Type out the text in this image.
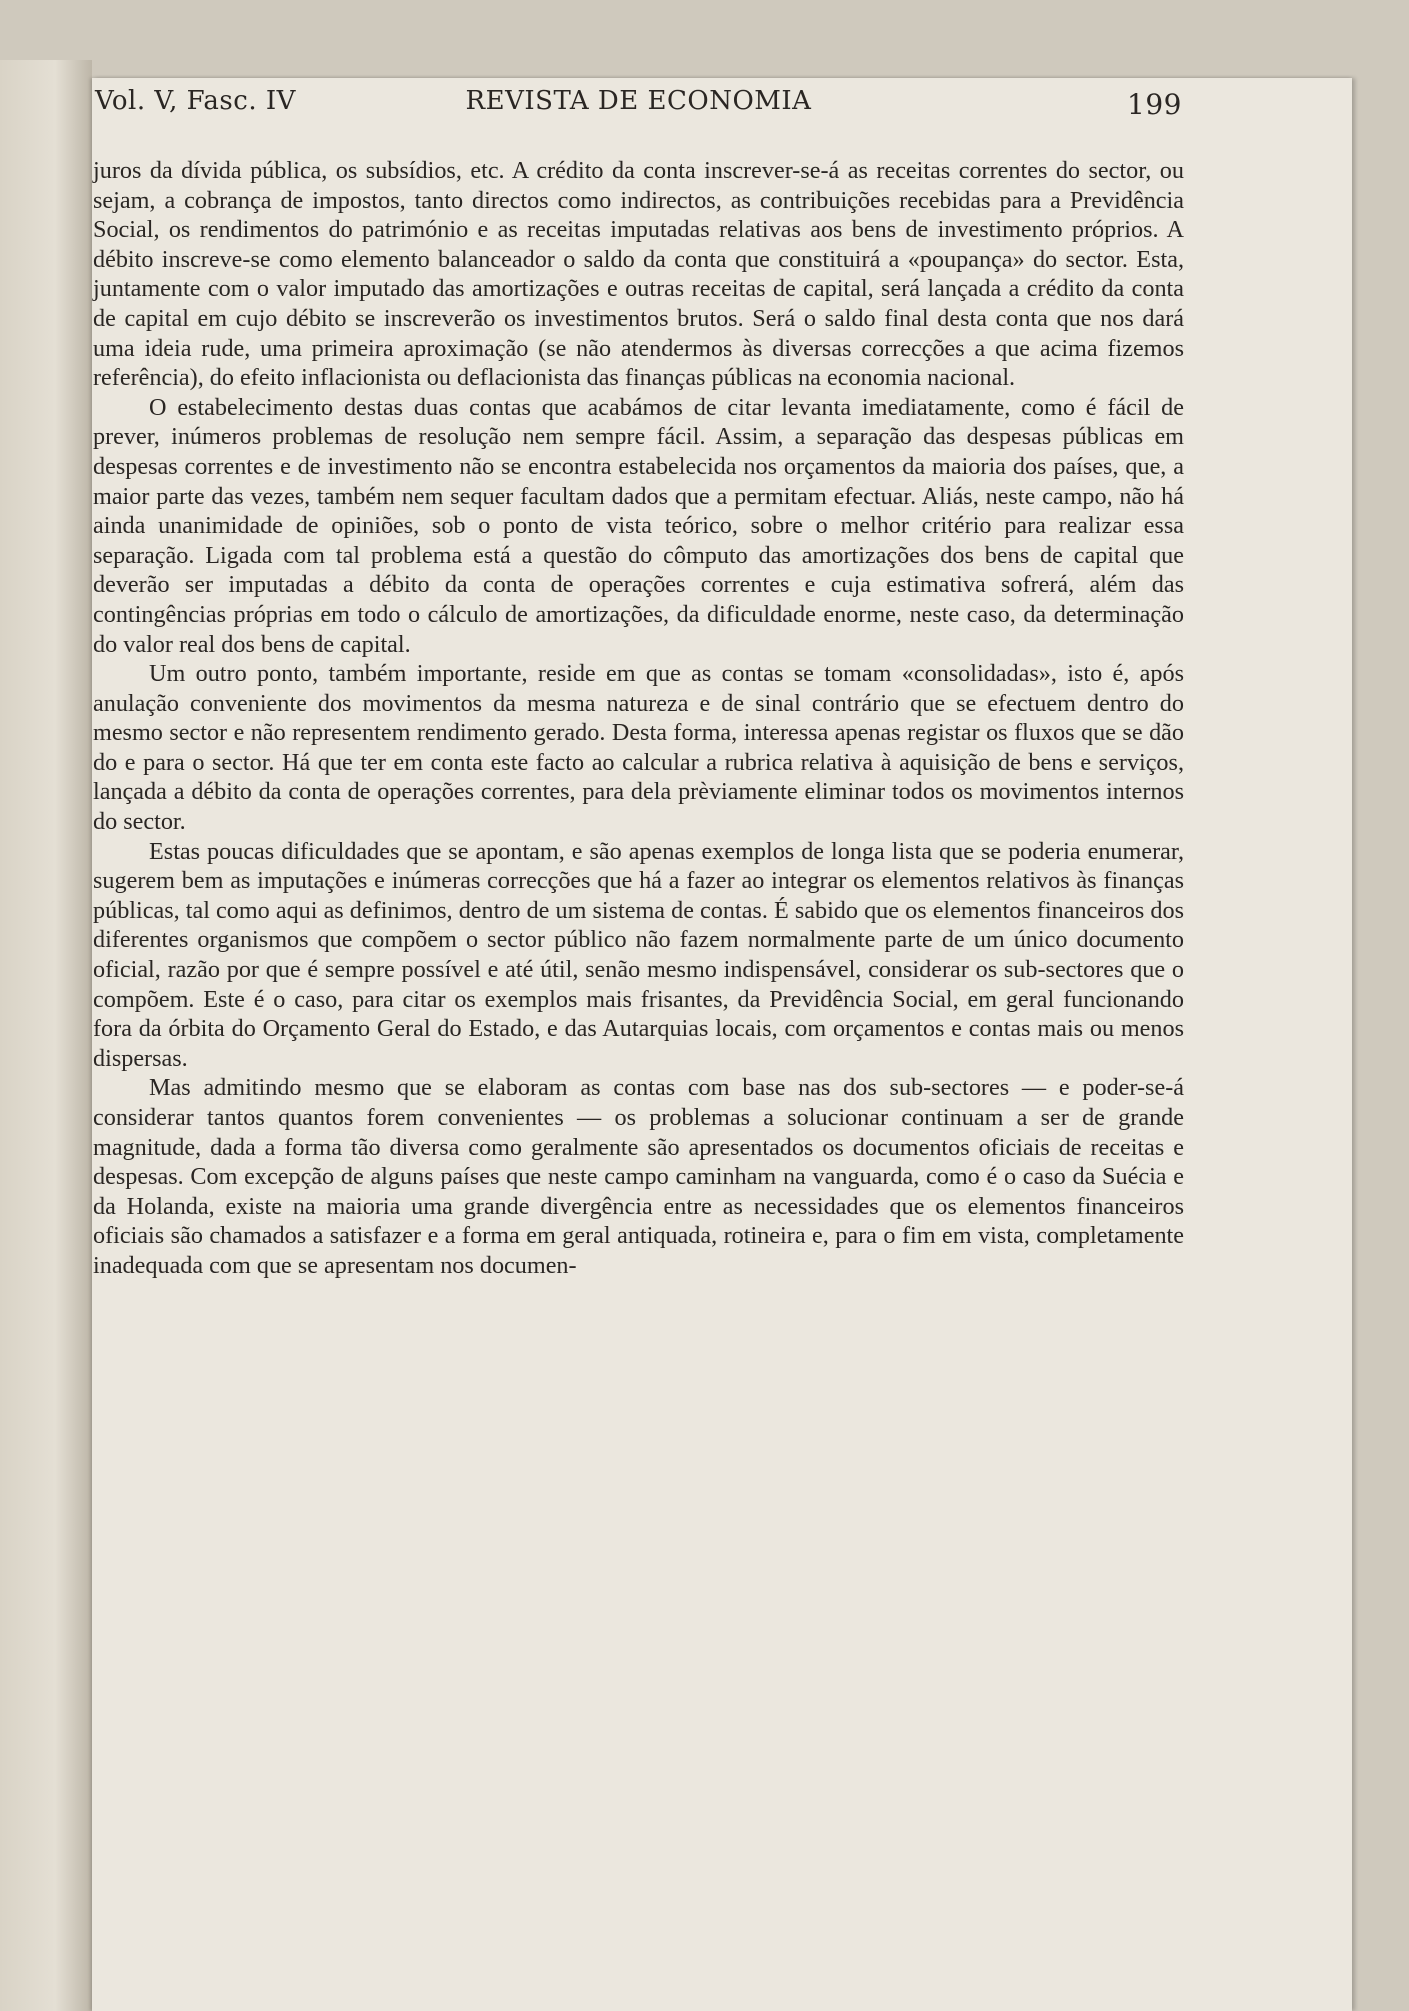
Vol. V, Fasc. IV	REVISTA DE ECONOMIA	199

juros da dívida pública, os subsídios, etc. A crédito da conta inscrever-se-á as receitas correntes do sector, ou sejam, a cobrança de impostos, tanto directos como indirectos, as contribuições recebidas para a Previdência Social, os rendimentos do património e as receitas imputadas relativas aos bens de investimento próprios. A débito inscreve-se como elemento balanceador o saldo da conta que constituirá a «poupança» do sector. Esta, juntamente com o valor imputado das amortizações e outras receitas de capital, será lançada a crédito da conta de capital em cujo débito se inscreverão os investimentos brutos. Será o saldo final desta conta que nos dará uma ideia rude, uma primeira aproximação (se não atendermos às diversas correcções a que acima fizemos referência), do efeito inflacionista ou deflacionista das finanças públicas na economia nacional.

O estabelecimento destas duas contas que acabámos de citar levanta imediatamente, como é fácil de prever, inúmeros problemas de resolução nem sempre fácil. Assim, a separação das despesas públicas em despesas correntes e de investimento não se encontra estabelecida nos orçamentos da maioria dos países, que, a maior parte das vezes, também nem sequer facultam dados que a permitam efectuar. Aliás, neste campo, não há ainda unanimidade de opiniões, sob o ponto de vista teórico, sobre o melhor critério para realizar essa separação. Ligada com tal problema está a questão do cômputo das amortizações dos bens de capital que deverão ser imputadas a débito da conta de operações correntes e cuja estimativa sofrerá, além das contingências próprias em todo o cálculo de amortizações, da dificuldade enorme, neste caso, da determinação do valor real dos bens de capital.

Um outro ponto, também importante, reside em que as contas se tomam «consolidadas», isto é, após anulação conveniente dos movimentos da mesma natureza e de sinal contrário que se efectuem dentro do mesmo sector e não representem rendimento gerado. Desta forma, interessa apenas registar os fluxos que se dão do e para o sector. Há que ter em conta este facto ao calcular a rubrica relativa à aquisição de bens e serviços, lançada a débito da conta de operações correntes, para dela prèviamente eliminar todos os movimentos internos do sector.

Estas poucas dificuldades que se apontam, e são apenas exemplos de longa lista que se poderia enumerar, sugerem bem as imputações e inúmeras correcções que há a fazer ao integrar os elementos relativos às finanças públicas, tal como aqui as definimos, dentro de um sistema de contas. É sabido que os elementos financeiros dos diferentes organismos que compõem o sector público não fazem normalmente parte de um único documento oficial, razão por que é sempre possível e até útil, senão mesmo indispensável, considerar os sub-sectores que o compõem. Este é o caso, para citar os exemplos mais frisantes, da Previdência Social, em geral funcionando fora da órbita do Orçamento Geral do Estado, e das Autarquias locais, com orçamentos e contas mais ou menos dispersas.

Mas admitindo mesmo que se elaboram as contas com base nas dos sub-sectores — e poder-se-á considerar tantos quantos forem convenientes — os problemas a solucionar continuam a ser de grande magnitude, dada a forma tão diversa como geralmente são apresentados os documentos oficiais de receitas e despesas. Com excepção de alguns países que neste campo caminham na vanguarda, como é o caso da Suécia e da Holanda, existe na maioria uma grande divergência entre as necessidades que os elementos financeiros oficiais são chamados a satisfazer e a forma em geral antiquada, rotineira e, para o fim em vista, completamente inadequada com que se apresentam nos documen-
